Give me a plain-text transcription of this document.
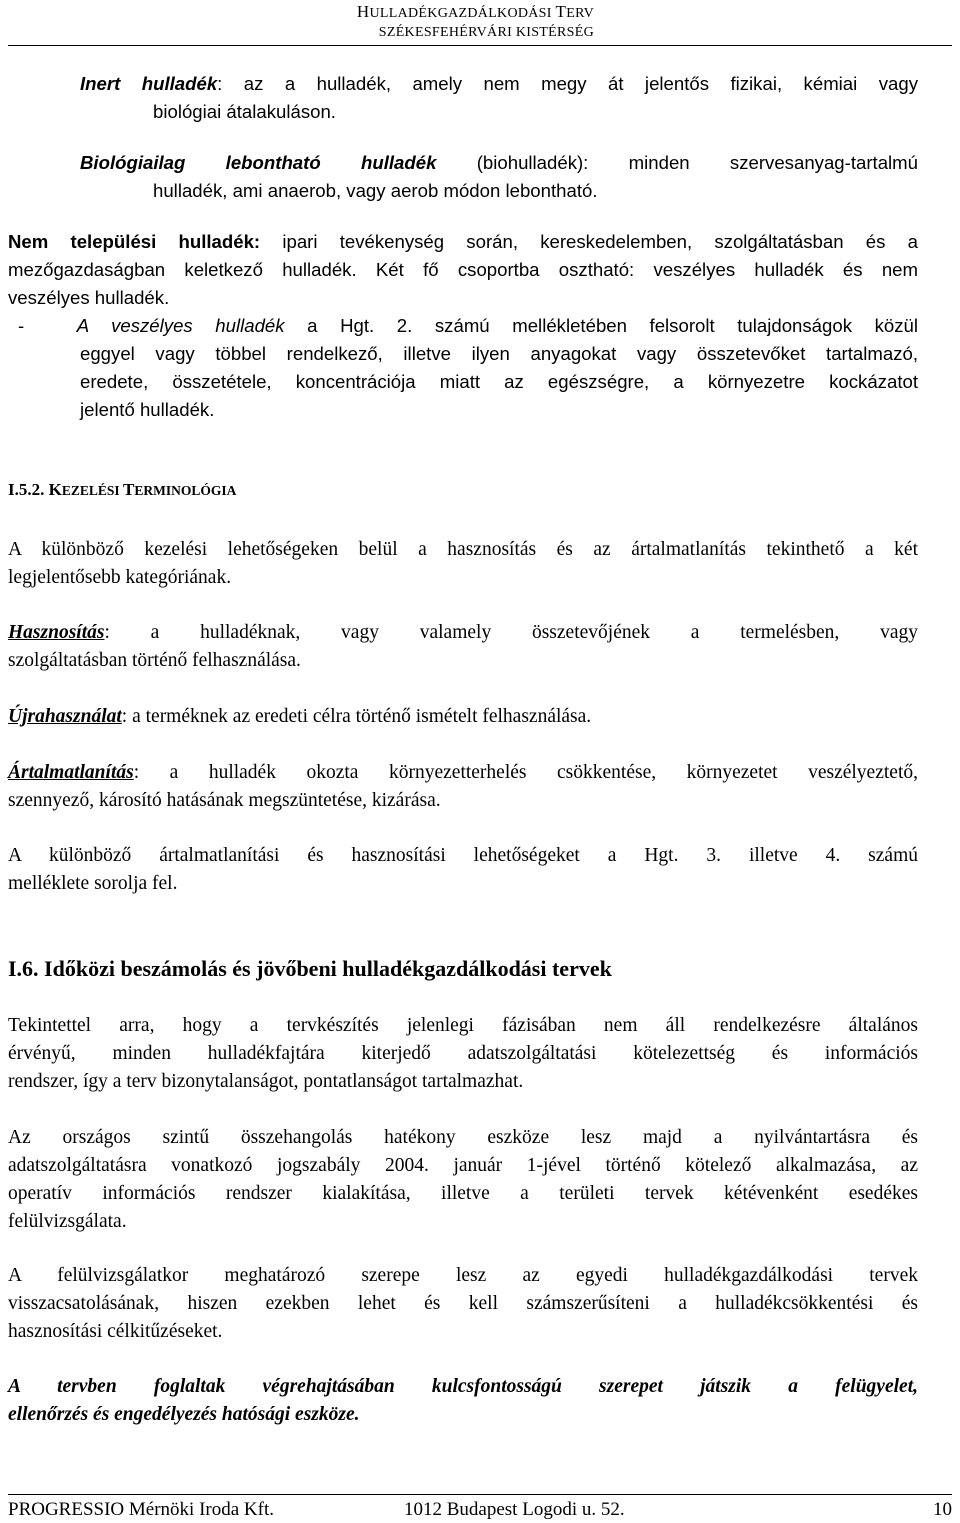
HULLADÉKGAZDÁLKODÁSI TERV
SZÉKESFEHÉRVÁRI KISTÉRSÉG

Inert hulladék: az a hulladék, amely nem megy át jelentős fizikai, kémiai vagy

biológiai átalakuláson.

Biológiailag lebontható hulladék (biohulladék): minden szervesanyag-tartalmú

hulladék, ami anaerob, vagy aerob módon lebontható.

Nem települési hulladék: ipari tevékenység során, kereskedelemben, szolgáltatásban és a

mezőgazdaságban keletkező hulladék. Két fő csoportba osztható: veszélyes hulladék és nem

veszélyes hulladék.

- A veszélyes hulladék a Hgt. 2. számú mellékletében felsorolt tulajdonságok közül

eggyel vagy többel rendelkező, illetve ilyen anyagokat vagy összetevőket tartalmazó,

eredete, összetétele, koncentrációja miatt az egészségre, a környezetre kockázatot

jelentő hulladék.

I.5.2. KEZELÉSI TERMINOLÓGIA

A különböző kezelési lehetőségeken belül a hasznosítás és az ártalmatlanítás tekinthető a két

legjelentősebb kategóriának.

Hasznosítás: a hulladéknak, vagy valamely összetevőjének a termelésben, vagy

szolgáltatásban történő felhasználása.

Újrahasználat: a terméknek az eredeti célra történő ismételt felhasználása.

Ártalmatlanítás: a hulladék okozta környezetterhelés csökkentése, környezetet veszélyeztető,

szennyező, károsító hatásának megszüntetése, kizárása.

A különböző ártalmatlanítási és hasznosítási lehetőségeket a Hgt. 3. illetve 4. számú

melléklete sorolja fel.

I.6. Időközi beszámolás és jövőbeni hulladékgazdálkodási tervek

Tekintettel arra, hogy a tervkészítés jelenlegi fázisában nem áll rendelkezésre általános

érvényű, minden hulladékfajtára kiterjedő adatszolgáltatási kötelezettség és információs

rendszer, így a terv bizonytalanságot, pontatlanságot tartalmazhat.

Az országos szintű összehangolás hatékony eszköze lesz majd a nyilvántartásra és

adatszolgáltatásra vonatkozó jogszabály 2004. január 1-jével történő kötelező alkalmazása, az

operatív információs rendszer kialakítása, illetve a területi tervek kétévenként esedékes

felülvizsgálata.

A felülvizsgálatkor meghatározó szerepe lesz az egyedi hulladékgazdálkodási tervek

visszacsatolásának, hiszen ezekben lehet és kell számszerűsíteni a hulladékcsökkentési és

hasznosítási célkitűzéseket.

A tervben foglaltak végrehajtásában kulcsfontosságú szerepet játszik a felügyelet,

ellenőrzés és engedélyezés hatósági eszköze.

PROGRESSIO Mérnöki Iroda Kft.	1012 Budapest Logodi u. 52.	10
